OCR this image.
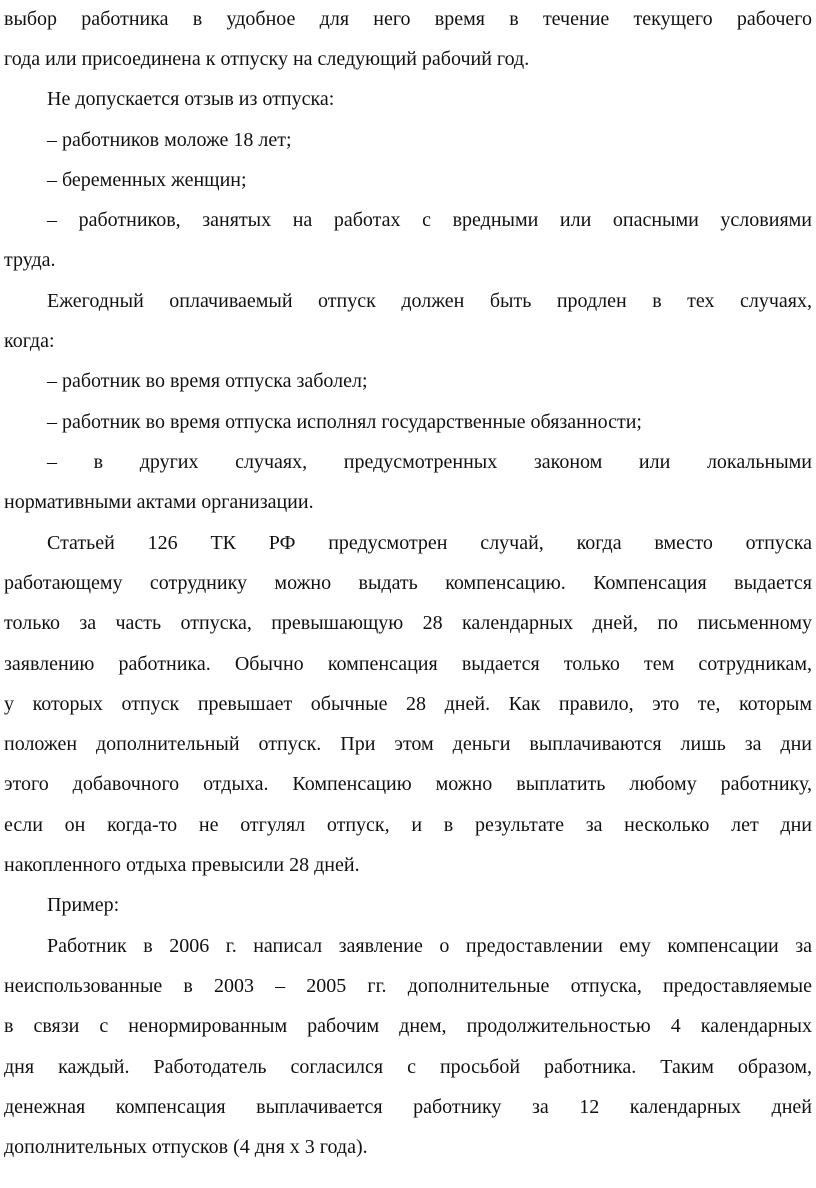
выбор работника в удобное для него время в течение текущего рабочего
года или присоединена к отпуску на следующий рабочий год.
Не допускается отзыв из отпуска:
– работников моложе 18 лет;
– беременных женщин;
– работников, занятых на работах с вредными или опасными условиями
труда.
Ежегодный оплачиваемый отпуск должен быть продлен в тех случаях,
когда:
– работник во время отпуска заболел;
– работник во время отпуска исполнял государственные обязанности;
– в других случаях, предусмотренных законом или локальными
нормативными актами организации.
Статьей 126 ТК РФ предусмотрен случай, когда вместо отпуска
работающему сотруднику можно выдать компенсацию. Компенсация выдается
только за часть отпуска, превышающую 28 календарных дней, по письменному
заявлению работника. Обычно компенсация выдается только тем сотрудникам,
у которых отпуск превышает обычные 28 дней. Как правило, это те, которым
положен дополнительный отпуск. При этом деньги выплачиваются лишь за дни
этого добавочного отдыха. Компенсацию можно выплатить любому работнику,
если он когда-то не отгулял отпуск, и в результате за несколько лет дни
накопленного отдыха превысили 28 дней.
Пример:
Работник в 2006 г. написал заявление о предоставлении ему компенсации за
неиспользованные в 2003 – 2005 гг. дополнительные отпуска, предоставляемые
в связи с ненормированным рабочим днем, продолжительностью 4 календарных
дня каждый. Работодатель согласился с просьбой работника. Таким образом,
денежная компенсация выплачивается работнику за 12 календарных дней
дополнительных отпусков (4 дня х 3 года).
